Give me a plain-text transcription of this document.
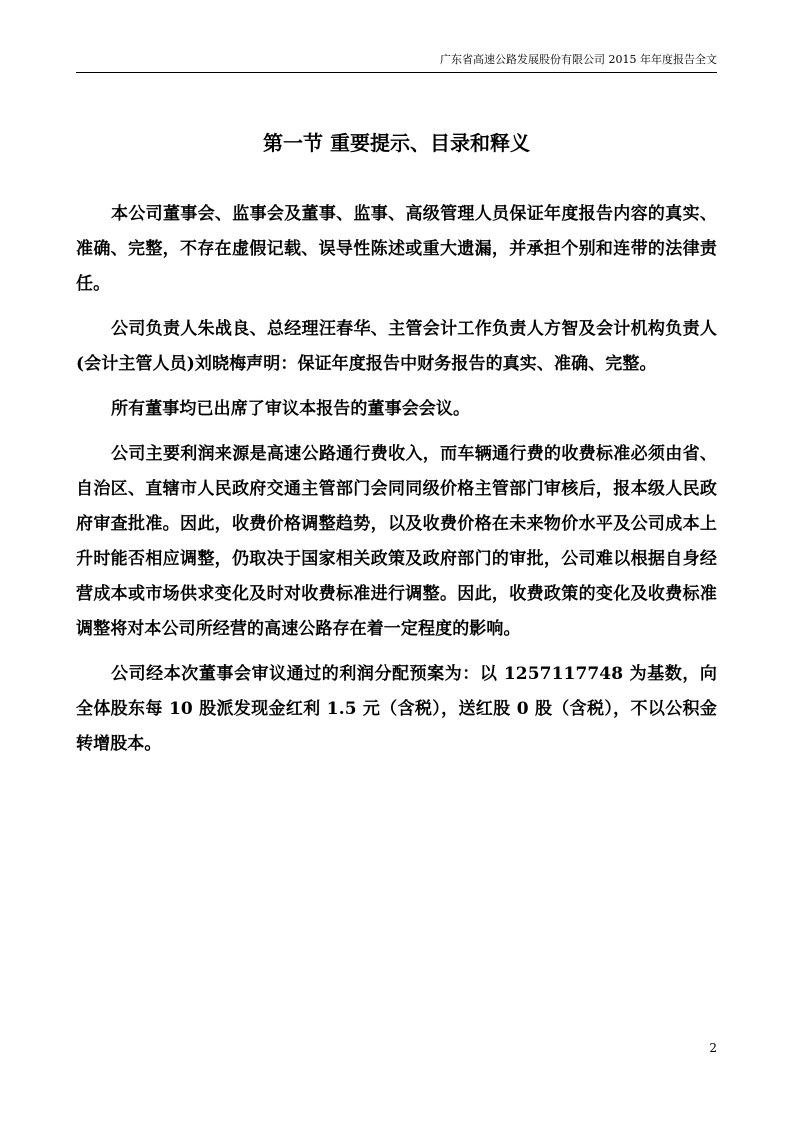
广东省高速公路发展股份有限公司 2015 年年度报告全文
第一节 重要提示、目录和释义

本公司董事会、监事会及董事、监事、高级管理人员保证年度报告内容的真实、准确、完整，不存在虚假记载、误导性陈述或重大遗漏，并承担个别和连带的法律责任。

公司负责人朱战良、总经理汪春华、主管会计工作负责人方智及会计机构负责人(会计主管人员)刘晓梅声明：保证年度报告中财务报告的真实、准确、完整。

所有董事均已出席了审议本报告的董事会会议。

公司主要利润来源是高速公路通行费收入，而车辆通行费的收费标准必须由省、自治区、直辖市人民政府交通主管部门会同同级价格主管部门审核后，报本级人民政府审查批准。因此，收费价格调整趋势，以及收费价格在未来物价水平及公司成本上升时能否相应调整，仍取决于国家相关政策及政府部门的审批，公司难以根据自身经营成本或市场供求变化及时对收费标准进行调整。因此，收费政策的变化及收费标准调整将对本公司所经营的高速公路存在着一定程度的影响。

公司经本次董事会审议通过的利润分配预案为：以 1257117748 为基数，向全体股东每 10 股派发现金红利 1.5 元（含税），送红股 0 股（含税），不以公积金转增股本。

2
